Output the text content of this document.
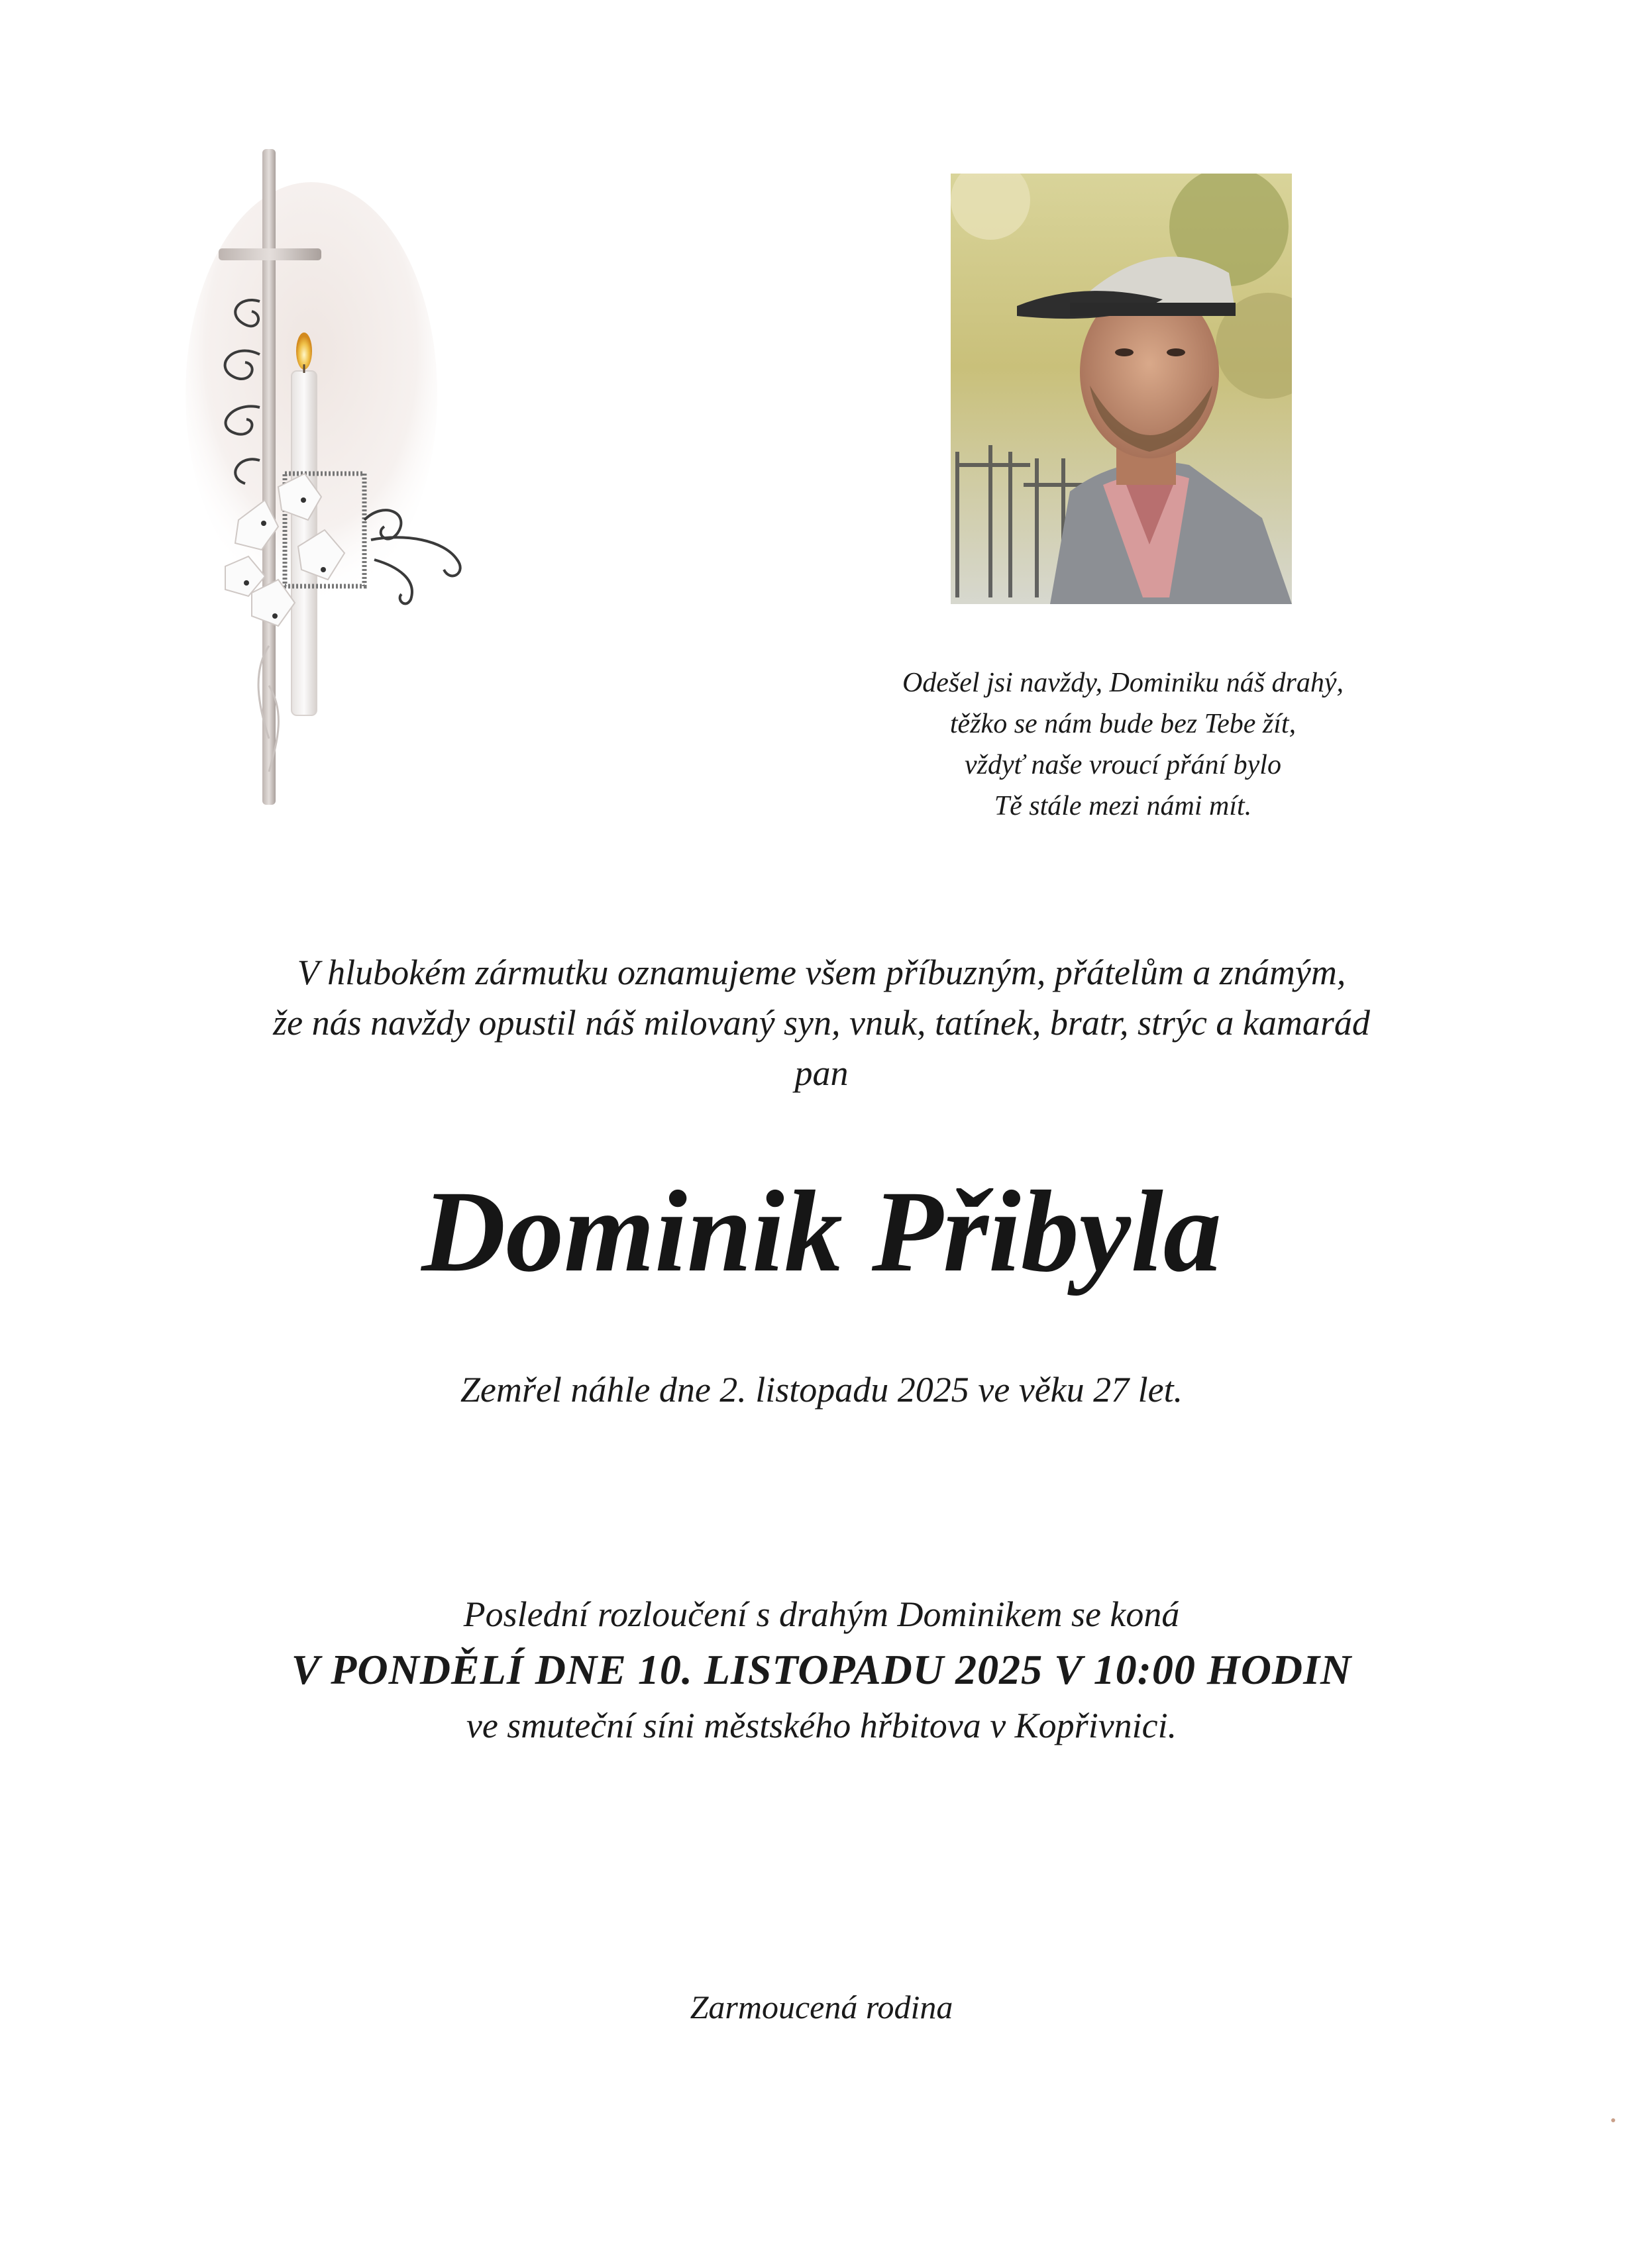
Odešel jsi navždy, Dominiku náš drahý,
těžko se nám bude bez Tebe žít,
vždyť naše vroucí přání bylo
Tě stále mezi námi mít.
V hlubokém zármutku oznamujeme všem příbuzným, přátelům a známým,
že nás navždy opustil náš milovaný syn, vnuk, tatínek, bratr, strýc a kamarád
pan
Dominik Přibyla
Zemřel náhle dne 2. listopadu 2025 ve věku 27 let.
Poslední rozloučení s drahým Dominikem se koná
V PONDĚLÍ DNE 10. LISTOPADU 2025 V 10:00 HODIN
ve smuteční síni městského hřbitova v Kopřivnici.
Zarmoucená rodina
